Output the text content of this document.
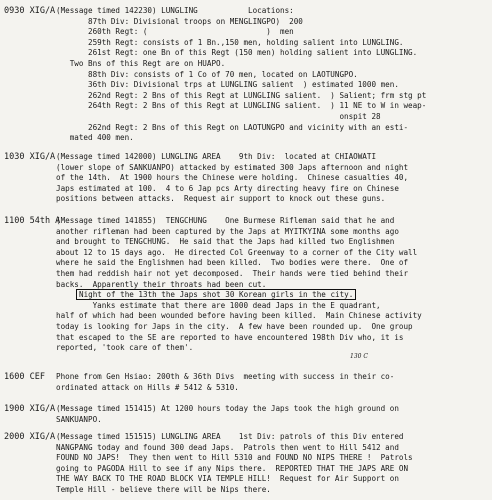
0930 XIG/A (Message timed 142230) LUNGLING           Locations:
87th Div: Divisional troops on MENGLINGPO)  200
260th Regt: (                          )  men
259th Regt: consists of 1 Bn.,150 men, holding salient into LUNGLING.
261st Regt: one Bn of this Regt (150 men) holding salient into LUNGLING.
Two Bns of this Regt are on HUAPO.
88th Div: consists of 1 Co of 70 men, located on LAOTUNGPO.
36th Div: Divisional trps at LUNGLING salient  ) estimated 1000 men.
262nd Regt: 2 Bns of this Regt at LUNGLING salient.  ) Salient; frm stg pt
264th Regt: 2 Bns of this Regt at LUNGLING salient.  ) 11 NE to W in weap-
onspit 28
262nd Regt: 2 Bns of this Regt on LAOTUNGPO and vicinity with an esti-
mated 400 men.
1030 XIG/A (Message timed 142000) LUNGLING AREA    9th Div:  located at CHIAOWATI
(lower slope of SANKUANPO) attacked by estimated 300 Japs afternoon and night
of the 14th.  At 1900 hours the Chinese were holding.  Chinese casualties 40,
Japs estimated at 100.  4 to 6 Jap pcs Arty directing heavy fire on Chinese
positions between attacks.  Request air support to knock out these guns.
1100 54th A
(Message timed 141855)  TENGCHUNG    One Burmese Rifleman said that he and
another rifleman had been captured by the Japs at MYITKYINA some months ago
and brought to TENGCHUNG.  He said that the Japs had killed two Englishmen
about 12 to 15 days ago.  He directed Col Greenway to a corner of the City wall
where he said the Englishmen had been killed.  Two bodies were there.  One of
them had reddish hair not yet decomposed.  Their hands were tied behind their
backs.  Apparently their throats had been cut.
Night of the 13th the Japs shot 30 Korean girls in the city.
Yanks estimate that there are 1000 dead Japs in the E quadrant,
half of which had been wounded before having been killed.  Main Chinese activity
today is looking for Japs in the city.  A few have been rounded up.  One group
that escaped to the SE are reported to have encountered 198th Div who, it is
reported, 'took care of them'.
130 C
1600 CEF Phone from Gen Hsiao: 200th & 36th Divs  meeting with success in their co-
ordinated attack on Hills # 5412 & 5310.
1900 XIG/A (Message timed 151415) At 1200 hours today the Japs took the high ground on
SANKUANPO.
2000 XIG/A (Message timed 151515) LUNGLING AREA    1st Div: patrols of this Div entered
NANGPANG today and found 300 dead Japs.  Patrols then went to Hill 5412 and
FOUND NO JAPS!  They then went to Hill 5310 and FOUND NO NIPS THERE !  Patrols
going to PAGODA Hill to see if any Nips there.  REPORTED THAT THE JAPS ARE ON
THE WAY BACK TO THE ROAD BLOCK VIA TEMPLE HILL!  Request for Air Support on
Temple Hill - believe there will be Nips there.
